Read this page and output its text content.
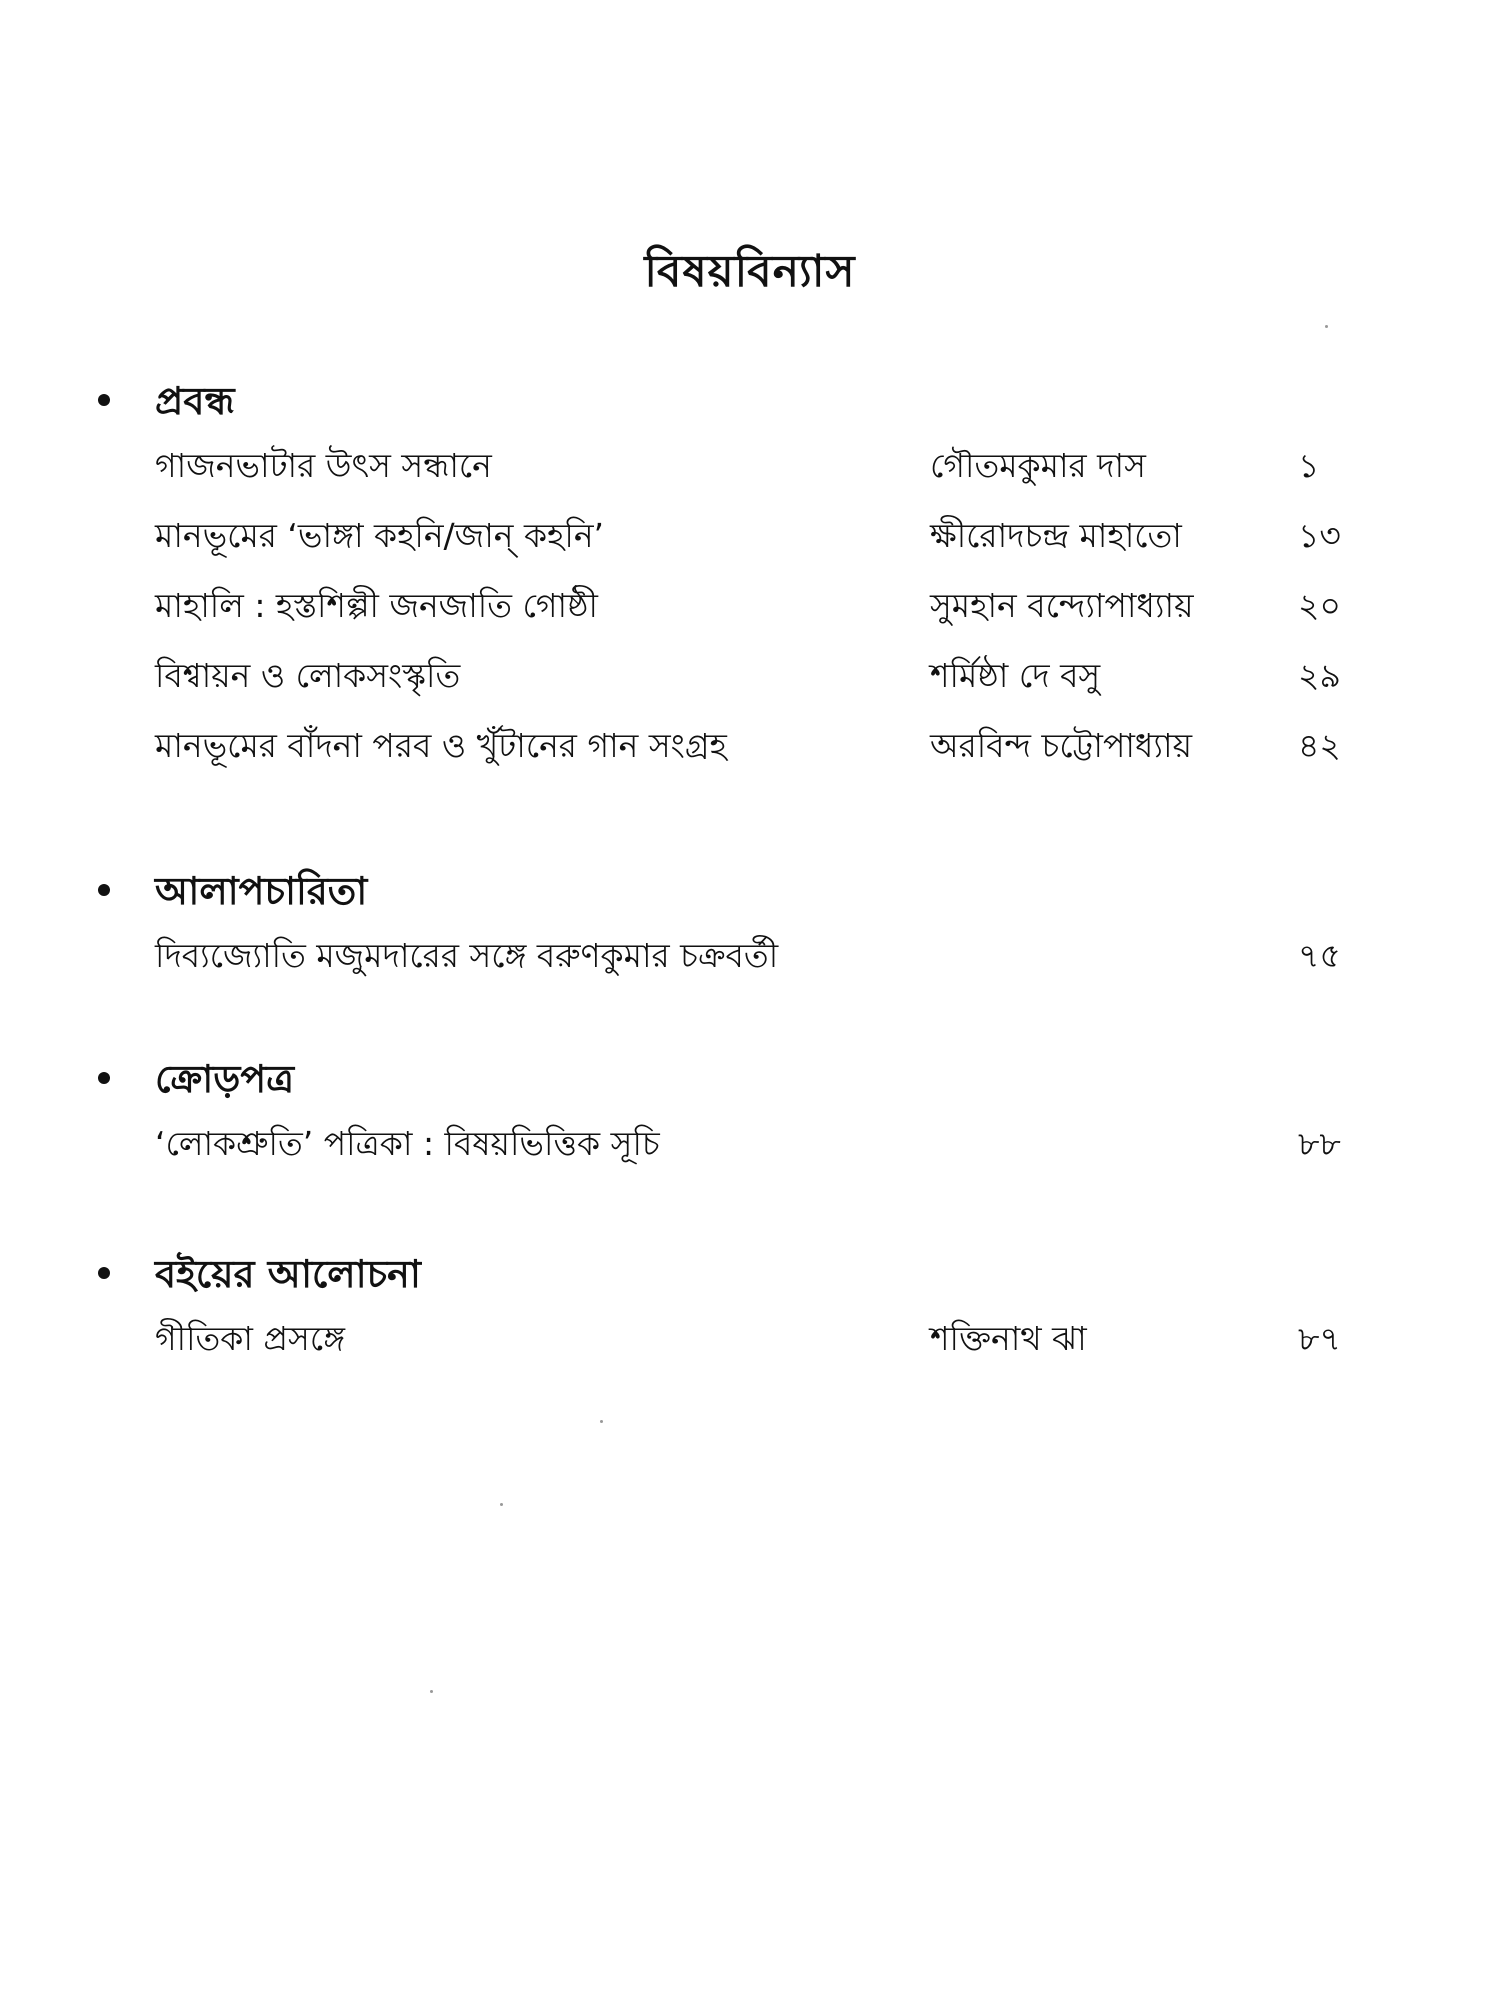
বিষয়বিন্যাস
প্রবন্ধ
গাজনভাটার উৎস সন্ধানে	গৌতমকুমার দাস	১
মানভূমের ‘ভাঙ্গা কহনি/জান্ কহনি’	ক্ষীরোদচন্দ্র মাহাতো	১৩
মাহালি : হস্তশিল্পী জনজাতি গোষ্ঠী	সুমহান বন্দ্যোপাধ্যায়	২০
বিশ্বায়ন ও লোকসংস্কৃতি	শর্মিষ্ঠা দে বসু	২৯
মানভূমের বাঁদনা পরব ও খুঁটানের গান সংগ্রহ	অরবিন্দ চট্টোপাধ্যায়	৪২
আলাপচারিতা
দিব্যজ্যোতি মজুমদারের সঙ্গে বরুণকুমার চক্রবর্তী	৭৫
ক্রোড়পত্র
‘লোকশ্রুতি’ পত্রিকা : বিষয়ভিত্তিক সূচি	৮৮
বইয়ের আলোচনা
গীতিকা প্রসঙ্গে	শক্তিনাথ ঝা	৮৭
